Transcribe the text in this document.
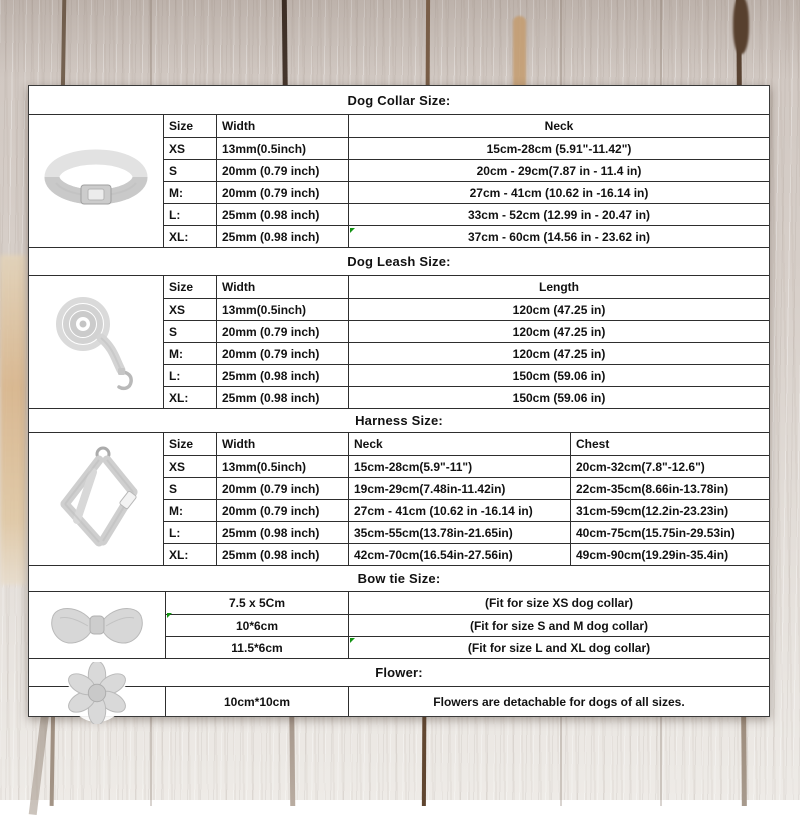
Dog Collar Size:
Size	Width	Neck
XS	13mm(0.5inch)	15cm-28cm (5.91"-11.42")
S	20mm (0.79 inch)	20cm - 29cm(7.87 in - 11.4 in)
M:	20mm (0.79 inch)	27cm - 41cm (10.62 in -16.14 in)
L:	25mm (0.98 inch)	33cm - 52cm (12.99 in - 20.47 in)
XL:	25mm (0.98 inch)	37cm - 60cm (14.56 in - 23.62 in)
Dog Leash Size:
Size	Width	Length
XS	13mm(0.5inch)	120cm (47.25 in)
S	20mm (0.79 inch)	120cm (47.25 in)
M:	20mm (0.79 inch)	120cm (47.25 in)
L:	25mm (0.98 inch)	150cm (59.06 in)
XL:	25mm (0.98 inch)	150cm (59.06 in)
Harness Size:
Size	Width	Neck	Chest
XS	13mm(0.5inch)	15cm-28cm(5.9"-11")	20cm-32cm(7.8"-12.6")
S	20mm (0.79 inch)	19cm-29cm(7.48in-11.42in)	22cm-35cm(8.66in-13.78in)
M:	20mm (0.79 inch)	27cm - 41cm (10.62 in -16.14 in)	31cm-59cm(12.2in-23.23in)
L:	25mm (0.98 inch)	35cm-55cm(13.78in-21.65in)	40cm-75cm(15.75in-29.53in)
XL:	25mm (0.98 inch)	42cm-70cm(16.54in-27.56in)	49cm-90cm(19.29in-35.4in)
Bow tie Size:
7.5 x 5Cm	(Fit for size XS dog collar)
10*6cm	(Fit for size S and M dog collar)
11.5*6cm	(Fit for size L and XL dog collar)
Flower:
10cm*10cm	Flowers are detachable for dogs of all sizes.
